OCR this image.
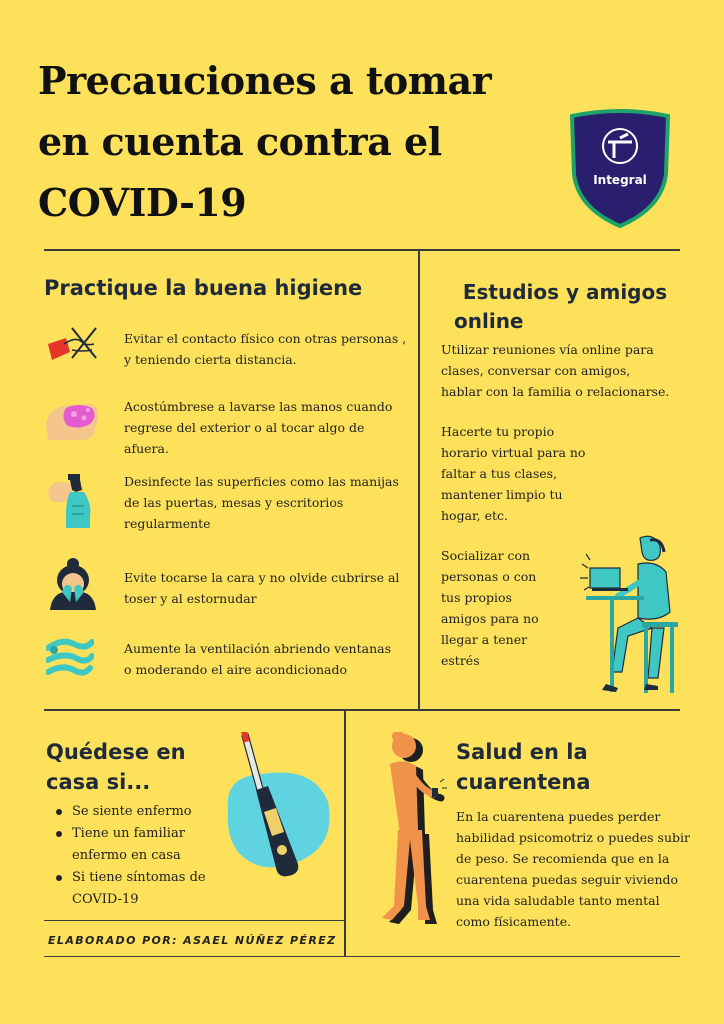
Precauciones a tomar
en cuenta contra el
COVID-19	Integral
Practique la buena higiene
Evitar el contacto físico con otras personas ,
y teniendo cierta distancia.
Acostúmbrese a lavarse las manos cuando
regrese del exterior o al tocar algo de
afuera.
Desinfecte las superficies como las manijas
de las puertas, mesas y escritorios
regularmente
Evite tocarse la cara y no olvide cubrirse al
toser y al estornudar
Aumente la ventilación abriendo ventanas
o moderando el aire acondicionado
Estudios y amigos
online
Utilizar reuniones vía online para
clases, conversar con amigos,
hablar con la familia o relacionarse.
Hacerte tu propio
horario virtual para no
faltar a tus clases,
mantener limpio tu
hogar, etc.
Socializar con
personas o con
tus propios
amigos para no
llegar a tener
estrés
Quédese en
casa si...
Se siente enfermo
Tiene un familiar
enfermo en casa
Si tiene síntomas de
COVID-19
ELABORADO POR: ASAEL NÚÑEZ PÉREZ
Salud en la
cuarentena
En la cuarentena puedes perder
habilidad psicomotriz o puedes subir
de peso. Se recomienda que en la
cuarentena puedas seguir viviendo
una vida saludable tanto mental
como físicamente.
